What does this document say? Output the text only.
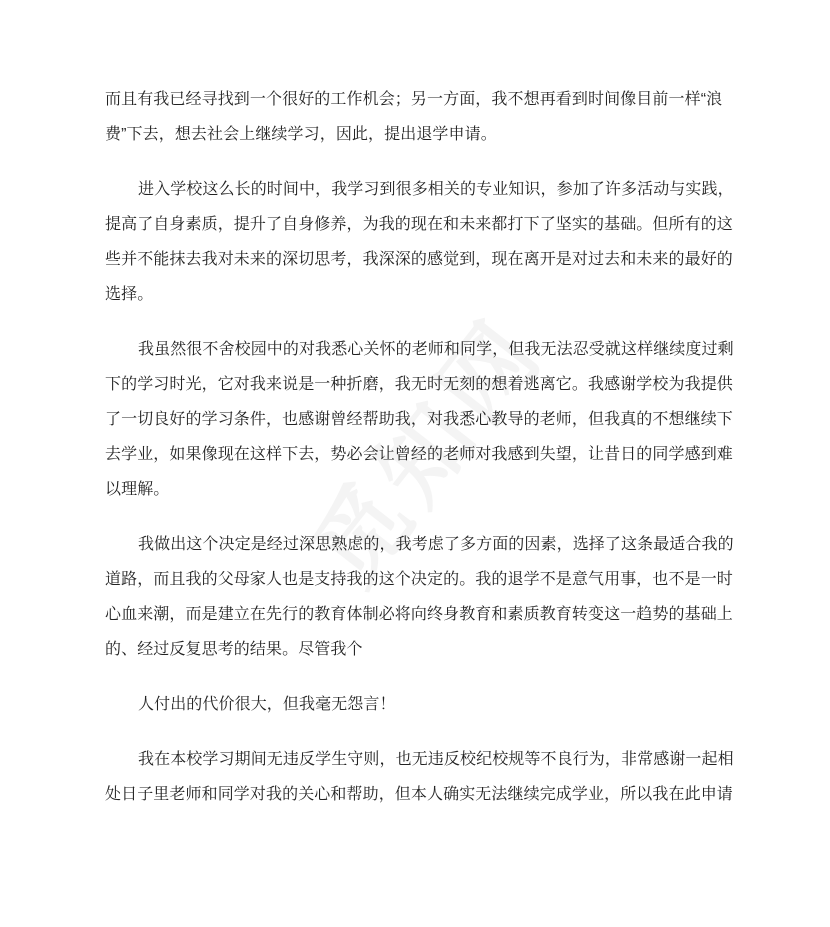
而且有我已经寻找到一个很好的工作机会；另一方面，我不想再看到时间像目前一样“浪
费”下去，想去社会上继续学习，因此，提出退学申请。
进入学校这么长的时间中，我学习到很多相关的专业知识，参加了许多活动与实践，
提高了自身素质，提升了自身修养，为我的现在和未来都打下了坚实的基础。但所有的这
些并不能抹去我对未来的深切思考，我深深的感觉到，现在离开是对过去和未来的最好的
选择。
我虽然很不舍校园中的对我悉心关怀的老师和同学，但我无法忍受就这样继续度过剩
下的学习时光，它对我来说是一种折磨，我无时无刻的想着逃离它。我感谢学校为我提供
了一切良好的学习条件，也感谢曾经帮助我，对我悉心教导的老师，但我真的不想继续下
去学业，如果像现在这样下去，势必会让曾经的老师对我感到失望，让昔日的同学感到难
以理解。
我做出这个决定是经过深思熟虑的，我考虑了多方面的因素，选择了这条最适合我的
道路，而且我的父母家人也是支持我的这个决定的。我的退学不是意气用事，也不是一时
心血来潮，而是建立在先行的教育体制必将向终身教育和素质教育转变这一趋势的基础上
的、经过反复思考的结果。尽管我个
人付出的代价很大，但我毫无怨言！
我在本校学习期间无违反学生守则，也无违反校纪校规等不良行为，非常感谢一起相
处日子里老师和同学对我的关心和帮助，但本人确实无法继续完成学业，所以我在此申请
